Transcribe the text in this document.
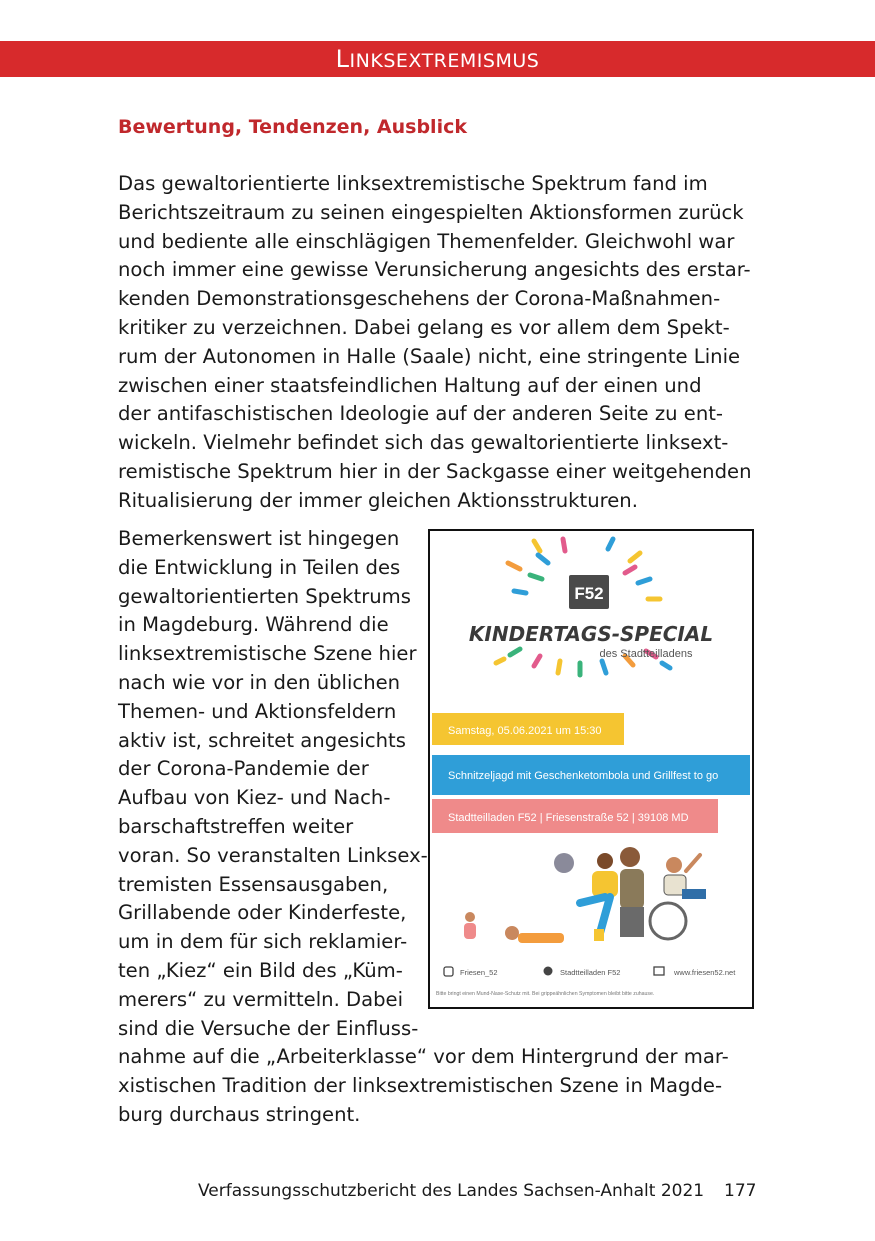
LINKSEXTREMISMUS
Bewertung, Tendenzen, Ausblick
Das gewaltorientierte linksextremistische Spektrum fand im
Berichtszeitraum zu seinen eingespielten Aktionsformen zurück
und bediente alle einschlägigen Themenfelder. Gleichwohl war
noch immer eine gewisse Verunsicherung angesichts des erstar-
kenden Demonstrationsgeschehens der Corona-Maßnahmen-
kritiker zu verzeichnen. Dabei gelang es vor allem dem Spekt-
rum der Autonomen in Halle (Saale) nicht, eine stringente Linie
zwischen einer staatsfeindlichen Haltung auf der einen und
der antifaschistischen Ideologie auf der anderen Seite zu ent-
wickeln. Vielmehr befindet sich das gewaltorientierte linksext-
remistische Spektrum hier in der Sackgasse einer weitgehenden
Ritualisierung der immer gleichen Aktionsstrukturen.
Bemerkenswert ist hingegen
die Entwicklung in Teilen des
gewaltorientierten Spektrums
in Magdeburg. Während die
linksextremistische Szene hier
nach wie vor in den üblichen
Themen- und Aktionsfeldern
aktiv ist, schreitet angesichts
der Corona-Pandemie der
Aufbau von Kiez- und Nach-
barschaftstreffen weiter
voran. So veranstalten Linksex-
tremisten Essensausgaben,
Grillabende oder Kinderfeste,
um in dem für sich reklamier-
ten „Kiez“ ein Bild des „Küm-
merers“ zu vermitteln. Dabei
sind die Versuche der Einfluss-
nahme auf die „Arbeiterklasse“ vor dem Hintergrund der mar-
xistischen Tradition der linksextremistischen Szene in Magde-
burg durchaus stringent.
F52
KINDERTAGS-SPECIAL
des Stadtteilladens
Samstag, 05.06.2021 um 15:30
Schnitzeljagd mit Geschenketombola und Grillfest to go
Stadtteilladen F52 | Friesenstraße 52 | 39108 MD
Friesen_52	Stadtteilladen F52	www.friesen52.net
Bitte bringt einen Mund-Nase-Schutz mit. Bei grippeähnlichen Symptomen bleibt bitte zuhause.
Verfassungsschutzbericht des Landes Sachsen-Anhalt 2021 177
